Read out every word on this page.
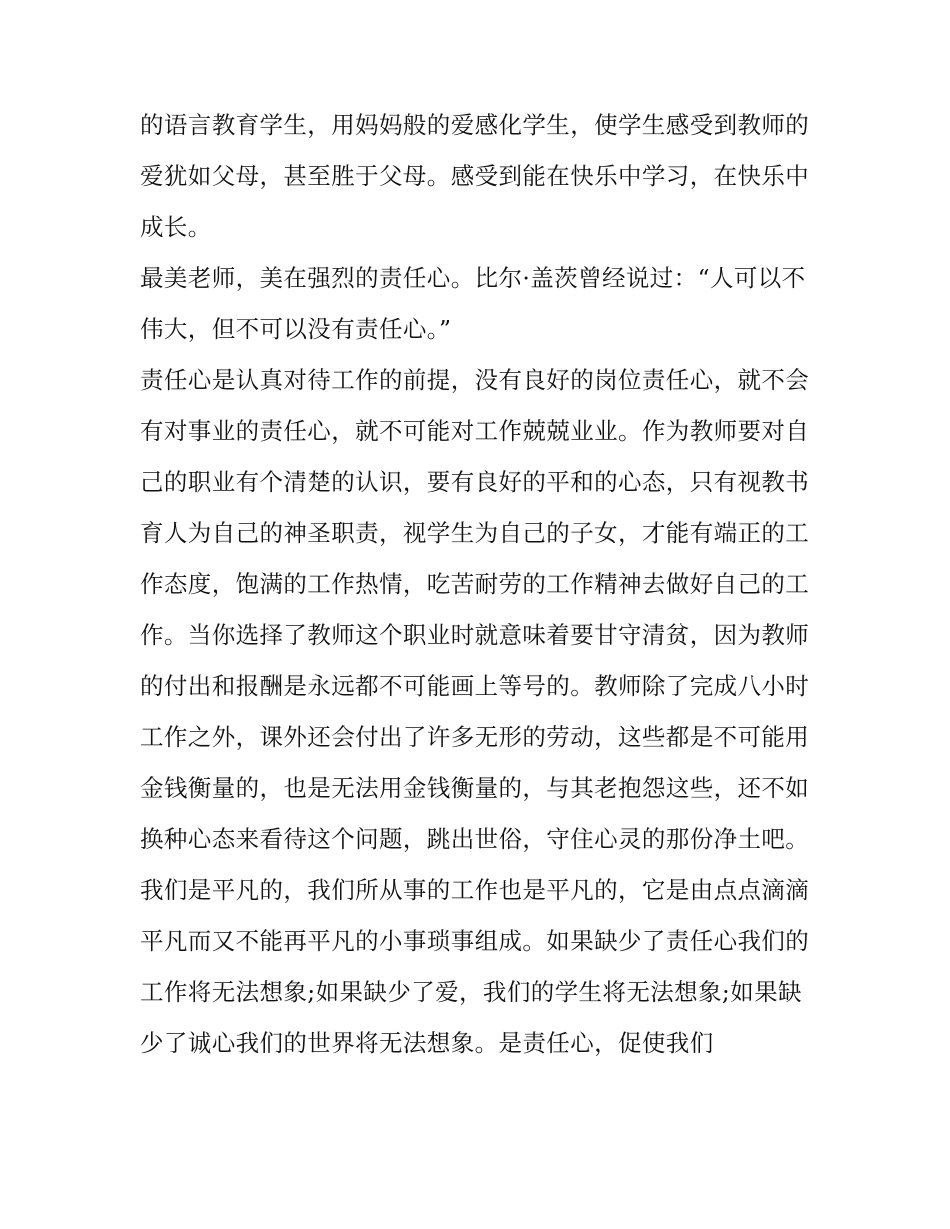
的语言教育学生，用妈妈般的爱感化学生，使学生感受到教师的爱犹如父母，甚至胜于父母。感受到能在快乐中学习，在快乐中成长。

最美老师，美在强烈的责任心。比尔·盖茨曾经说过：“人可以不伟大，但不可以没有责任心。”

责任心是认真对待工作的前提，没有良好的岗位责任心，就不会有对事业的责任心，就不可能对工作兢兢业业。作为教师要对自己的职业有个清楚的认识，要有良好的平和的心态，只有视教书育人为自己的神圣职责，视学生为自己的子女，才能有端正的工作态度，饱满的工作热情，吃苦耐劳的工作精神去做好自己的工作。当你选择了教师这个职业时就意味着要甘守清贫，因为教师的付出和报酬是永远都不可能画上等号的。教师除了完成八小时工作之外，课外还会付出了许多无形的劳动，这些都是不可能用金钱衡量的，也是无法用金钱衡量的，与其老抱怨这些，还不如换种心态来看待这个问题，跳出世俗，守住心灵的那份净土吧。

我们是平凡的，我们所从事的工作也是平凡的，它是由点点滴滴平凡而又不能再平凡的小事琐事组成。如果缺少了责任心我们的工作将无法想象;如果缺少了爱，我们的学生将无法想象;如果缺少了诚心我们的世界将无法想象。是责任心，促使我们
